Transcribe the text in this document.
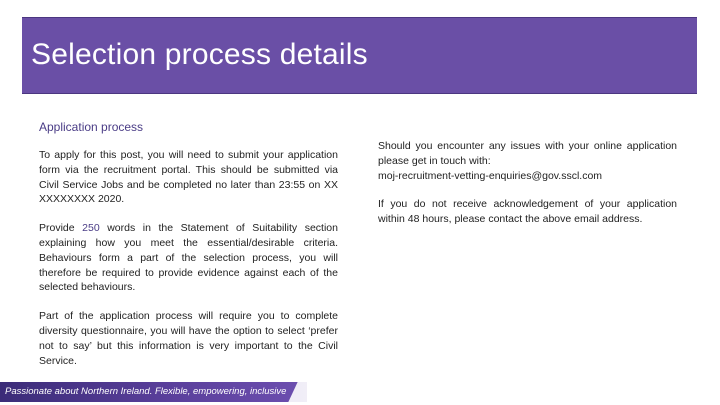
Selection process details
Application process

To apply for this post, you will need to submit your application form via the recruitment portal. This should be submitted via Civil Service Jobs and be completed no later than 23:55 on XX XXXXXXXX 2020.

Provide 250 words in the Statement of Suitability section explaining how you meet the essential/desirable criteria. Behaviours form a part of the selection process, you will therefore be required to provide evidence against each of the selected behaviours.

Part of the application process will require you to complete diversity questionnaire, you will have the option to select ‘prefer not to say’ but this information is very important to the Civil Service.

Should you encounter any issues with your online application please get in touch with:
moj-recruitment-vetting-enquiries@gov.sscl.com

If you do not receive acknowledgement of your application within 48 hours, please contact the above email address.

Passionate about Northern Ireland. Flexible, empowering, inclusive
